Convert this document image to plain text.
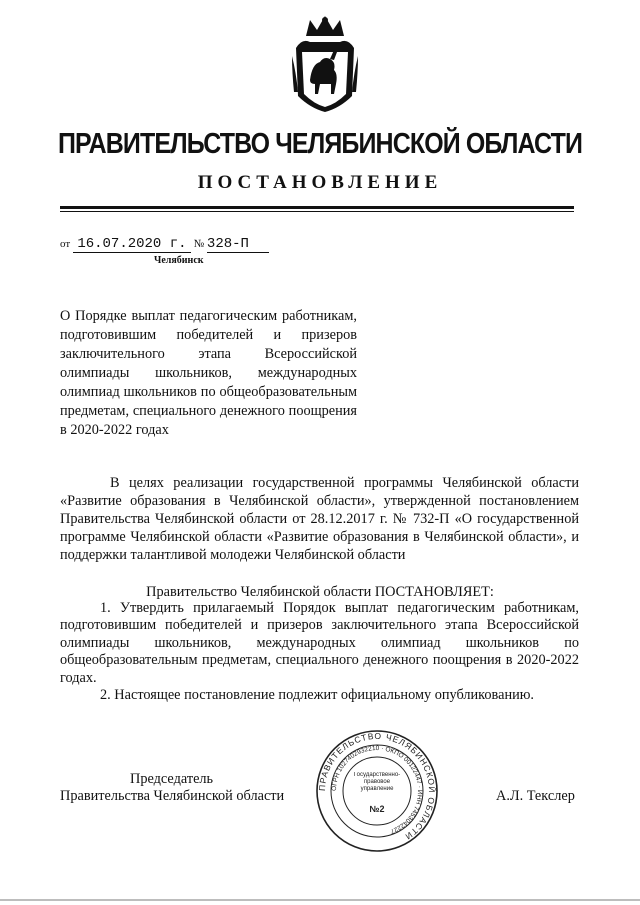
ПРАВИТЕЛЬСТВО ЧЕЛЯБИНСКОЙ ОБЛАСТИ
ПОСТАНОВЛЕНИЕ
от 16.07.2020 г. № 328-П
Челябинск
О Порядке выплат педагогическим работникам, подготовившим победителей и призеров заключительного этапа Всероссийской олимпиады школьников, международных олимпиад школьников по общеобразовательным предметам, специального денежного поощрения в 2020-2022 годах
В целях реализации государственной программы Челябинской области «Развитие образования в Челябинской области», утвержденной постановлением Правительства Челябинской области от 28.12.2017 г. № 732-П «О государственной программе Челябинской области «Развитие образования в Челябинской области», и поддержки талантливой молодежи Челябинской области
Правительство Челябинской области ПОСТАНОВЛЯЕТ:
1. Утвердить прилагаемый Порядок выплат педагогическим работникам, подготовившим победителей и призеров заключительного этапа Всероссийской олимпиады школьников, международных олимпиад школьников по общеобразовательным предметам, специального денежного поощрения в 2020-2022 годах.
2. Настоящее постановление подлежит официальному опубликованию.
Председатель
Правительства Челябинской области	А.Л. Текслер
ПРАВИТЕЛЬСТВО ЧЕЛЯБИНСКОЙ ОБЛАСТИ
ОГРН 1027402932210 · ОКПО 00122447 · ИНН 7453042227
Государственно-правовое управление
№2
